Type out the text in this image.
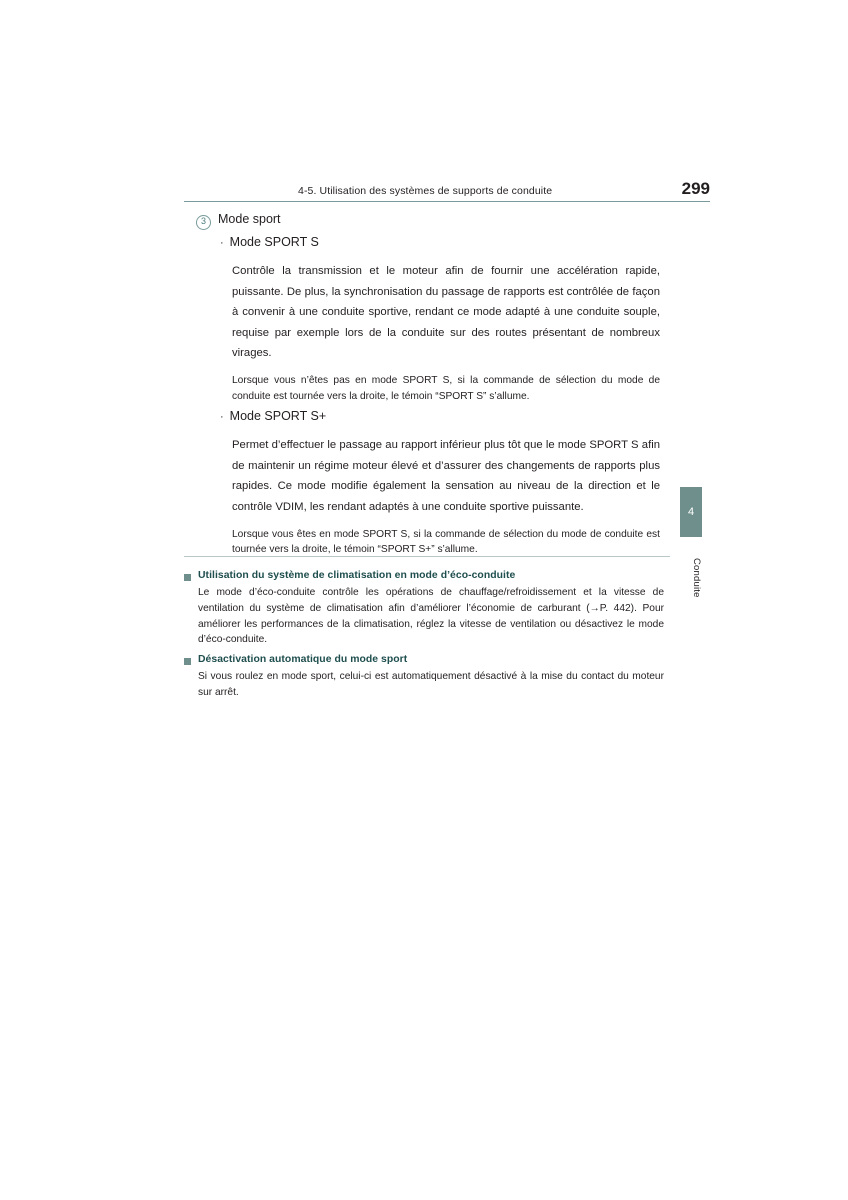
4-5. Utilisation des systèmes de supports de conduite	299
4
Conduite
3 Mode sport
· Mode SPORT S
Contrôle la transmission et le moteur afin de fournir une accélération rapide, puissante. De plus, la synchronisation du passage de rapports est contrôlée de façon à convenir à une conduite sportive, rendant ce mode adapté à une conduite souple, requise par exemple lors de la conduite sur des routes présentant de nombreux virages.
Lorsque vous n’êtes pas en mode SPORT S, si la commande de sélection du mode de conduite est tournée vers la droite, le témoin “SPORT S” s’allume.
· Mode SPORT S+
Permet d’effectuer le passage au rapport inférieur plus tôt que le mode SPORT S afin de maintenir un régime moteur élevé et d’assurer des changements de rapports plus rapides. Ce mode modifie également la sensation au niveau de la direction et le contrôle VDIM, les rendant adaptés à une conduite sportive puissante.
Lorsque vous êtes en mode SPORT S, si la commande de sélection du mode de conduite est tournée vers la droite, le témoin “SPORT S+” s’allume.
Utilisation du système de climatisation en mode d’éco-conduite
Le mode d’éco-conduite contrôle les opérations de chauffage/refroidissement et la vitesse de ventilation du système de climatisation afin d’améliorer l’économie de carburant (→P. 442). Pour améliorer les performances de la climatisation, réglez la vitesse de ventilation ou désactivez le mode d’éco-conduite.
Désactivation automatique du mode sport
Si vous roulez en mode sport, celui-ci est automatiquement désactivé à la mise du contact du moteur sur arrêt.
